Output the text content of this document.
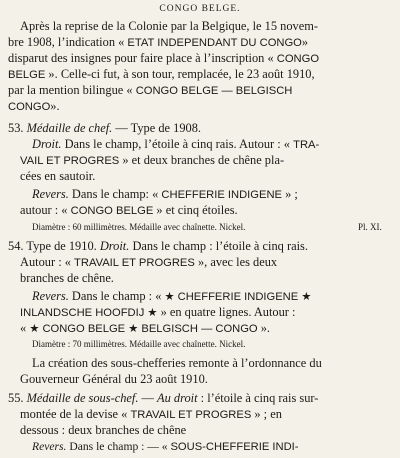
CONGO BELGE.
Après la reprise de la Colonie par la Belgique, le 15 novem-
bre 1908, l’indication « ETAT INDEPENDANT DU CONGO»
disparut des insignes pour faire place à l’inscription « CONGO
BELGE ». Celle-ci fut, à son tour, remplacée, le 23 août 1910,
par la mention bilingue « CONGO BELGE — BELGISCH
CONGO».
53. Médaille de chef. — Type de 1908.
Droit. Dans le champ, l’étoile à cinq rais. Autour : « TRA-
VAIL ET PROGRES » et deux branches de chêne pla-
cées en sautoir.
Revers. Dans le champ: « CHEFFERIE INDIGENE » ;
autour : « CONGO BELGE » et cinq étoiles.
Diamètre : 60 millimètres. Médaille avec chaînette. Nickel.	Pl. XI.
54. Type de 1910. Droit. Dans le champ : l’étoile à cinq rais.
Autour : « TRAVAIL ET PROGRES », avec les deux
branches de chêne.
Revers. Dans le champ : « ★ CHEFFERIE INDIGENE ★
INLANDSCHE HOOFDIJ ★ » en quatre lignes. Autour :
« ★ CONGO BELGE ★ BELGISCH — CONGO ».
Diamètre : 70 millimètres. Médaille avec chaînette. Nickel.
La création des sous-chefferies remonte à l’ordonnance du
Gouverneur Général du 23 août 1910.
55. Médaille de sous-chef. — Au droit : l’étoile à cinq rais sur-
montée de la devise « TRAVAIL ET PROGRES » ; en
dessous : deux branches de chêne
Revers. Dans le champ : — « SOUS-CHEFFERIE INDI-
